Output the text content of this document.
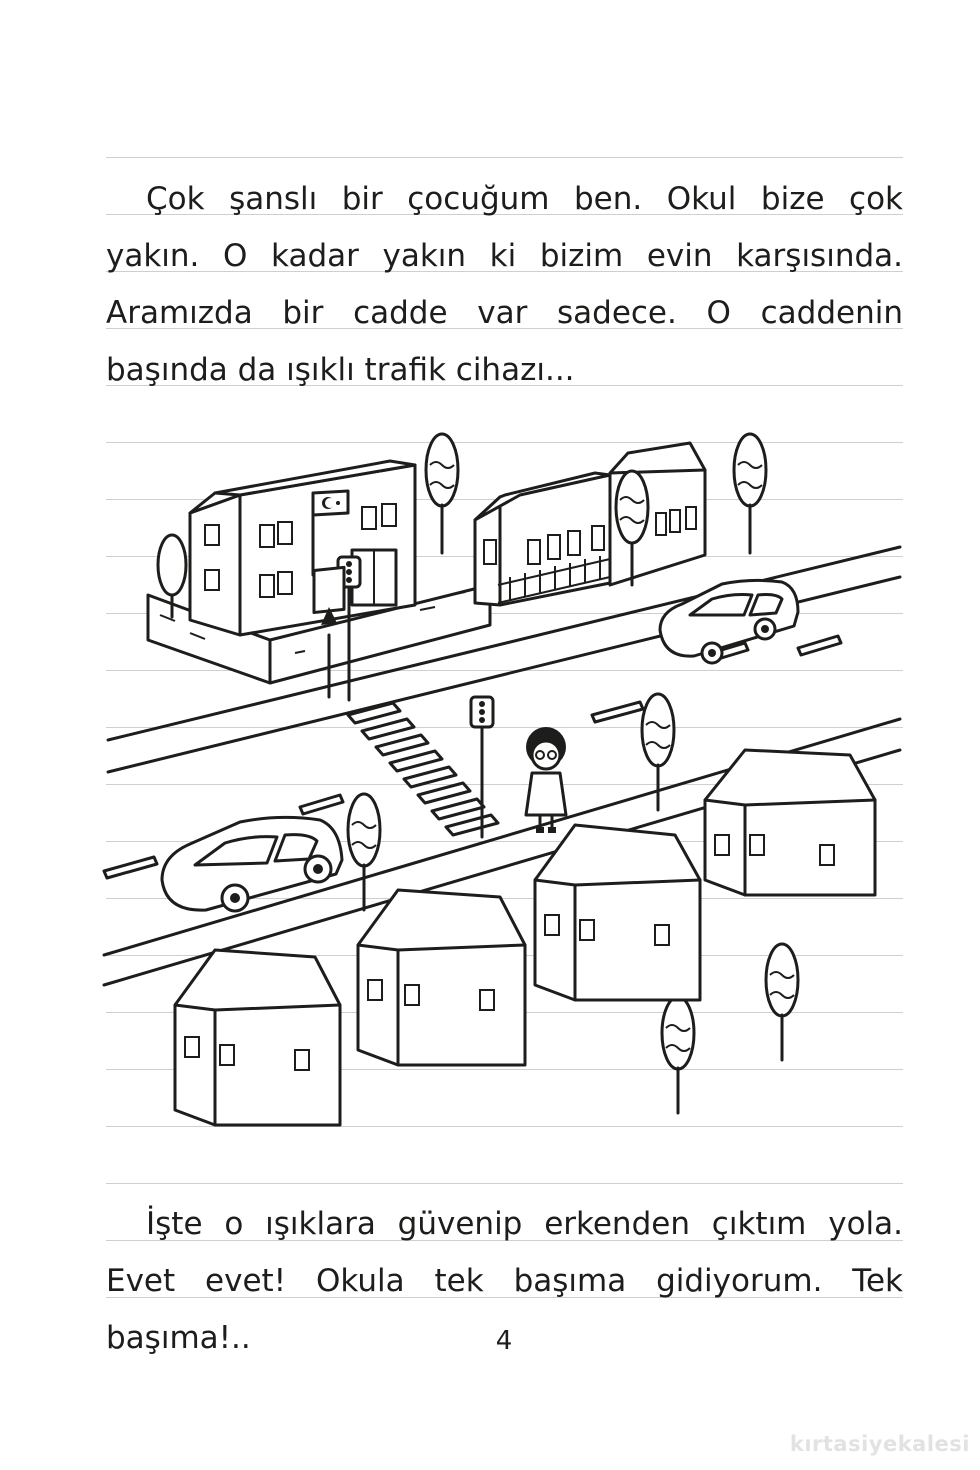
Çok şanslı bir çocuğum ben. Okul bize çok yakın. O kadar yakın ki bizim evin karşısında. Aramızda bir cadde var sadece. O caddenin başında da ışıklı trafik cihazı...

İşte o ışıklara güvenip erkenden çıktım yola. Evet evet! Okula tek başıma gidiyorum. Tek başıma!..	4
kırtasiyekalesi
